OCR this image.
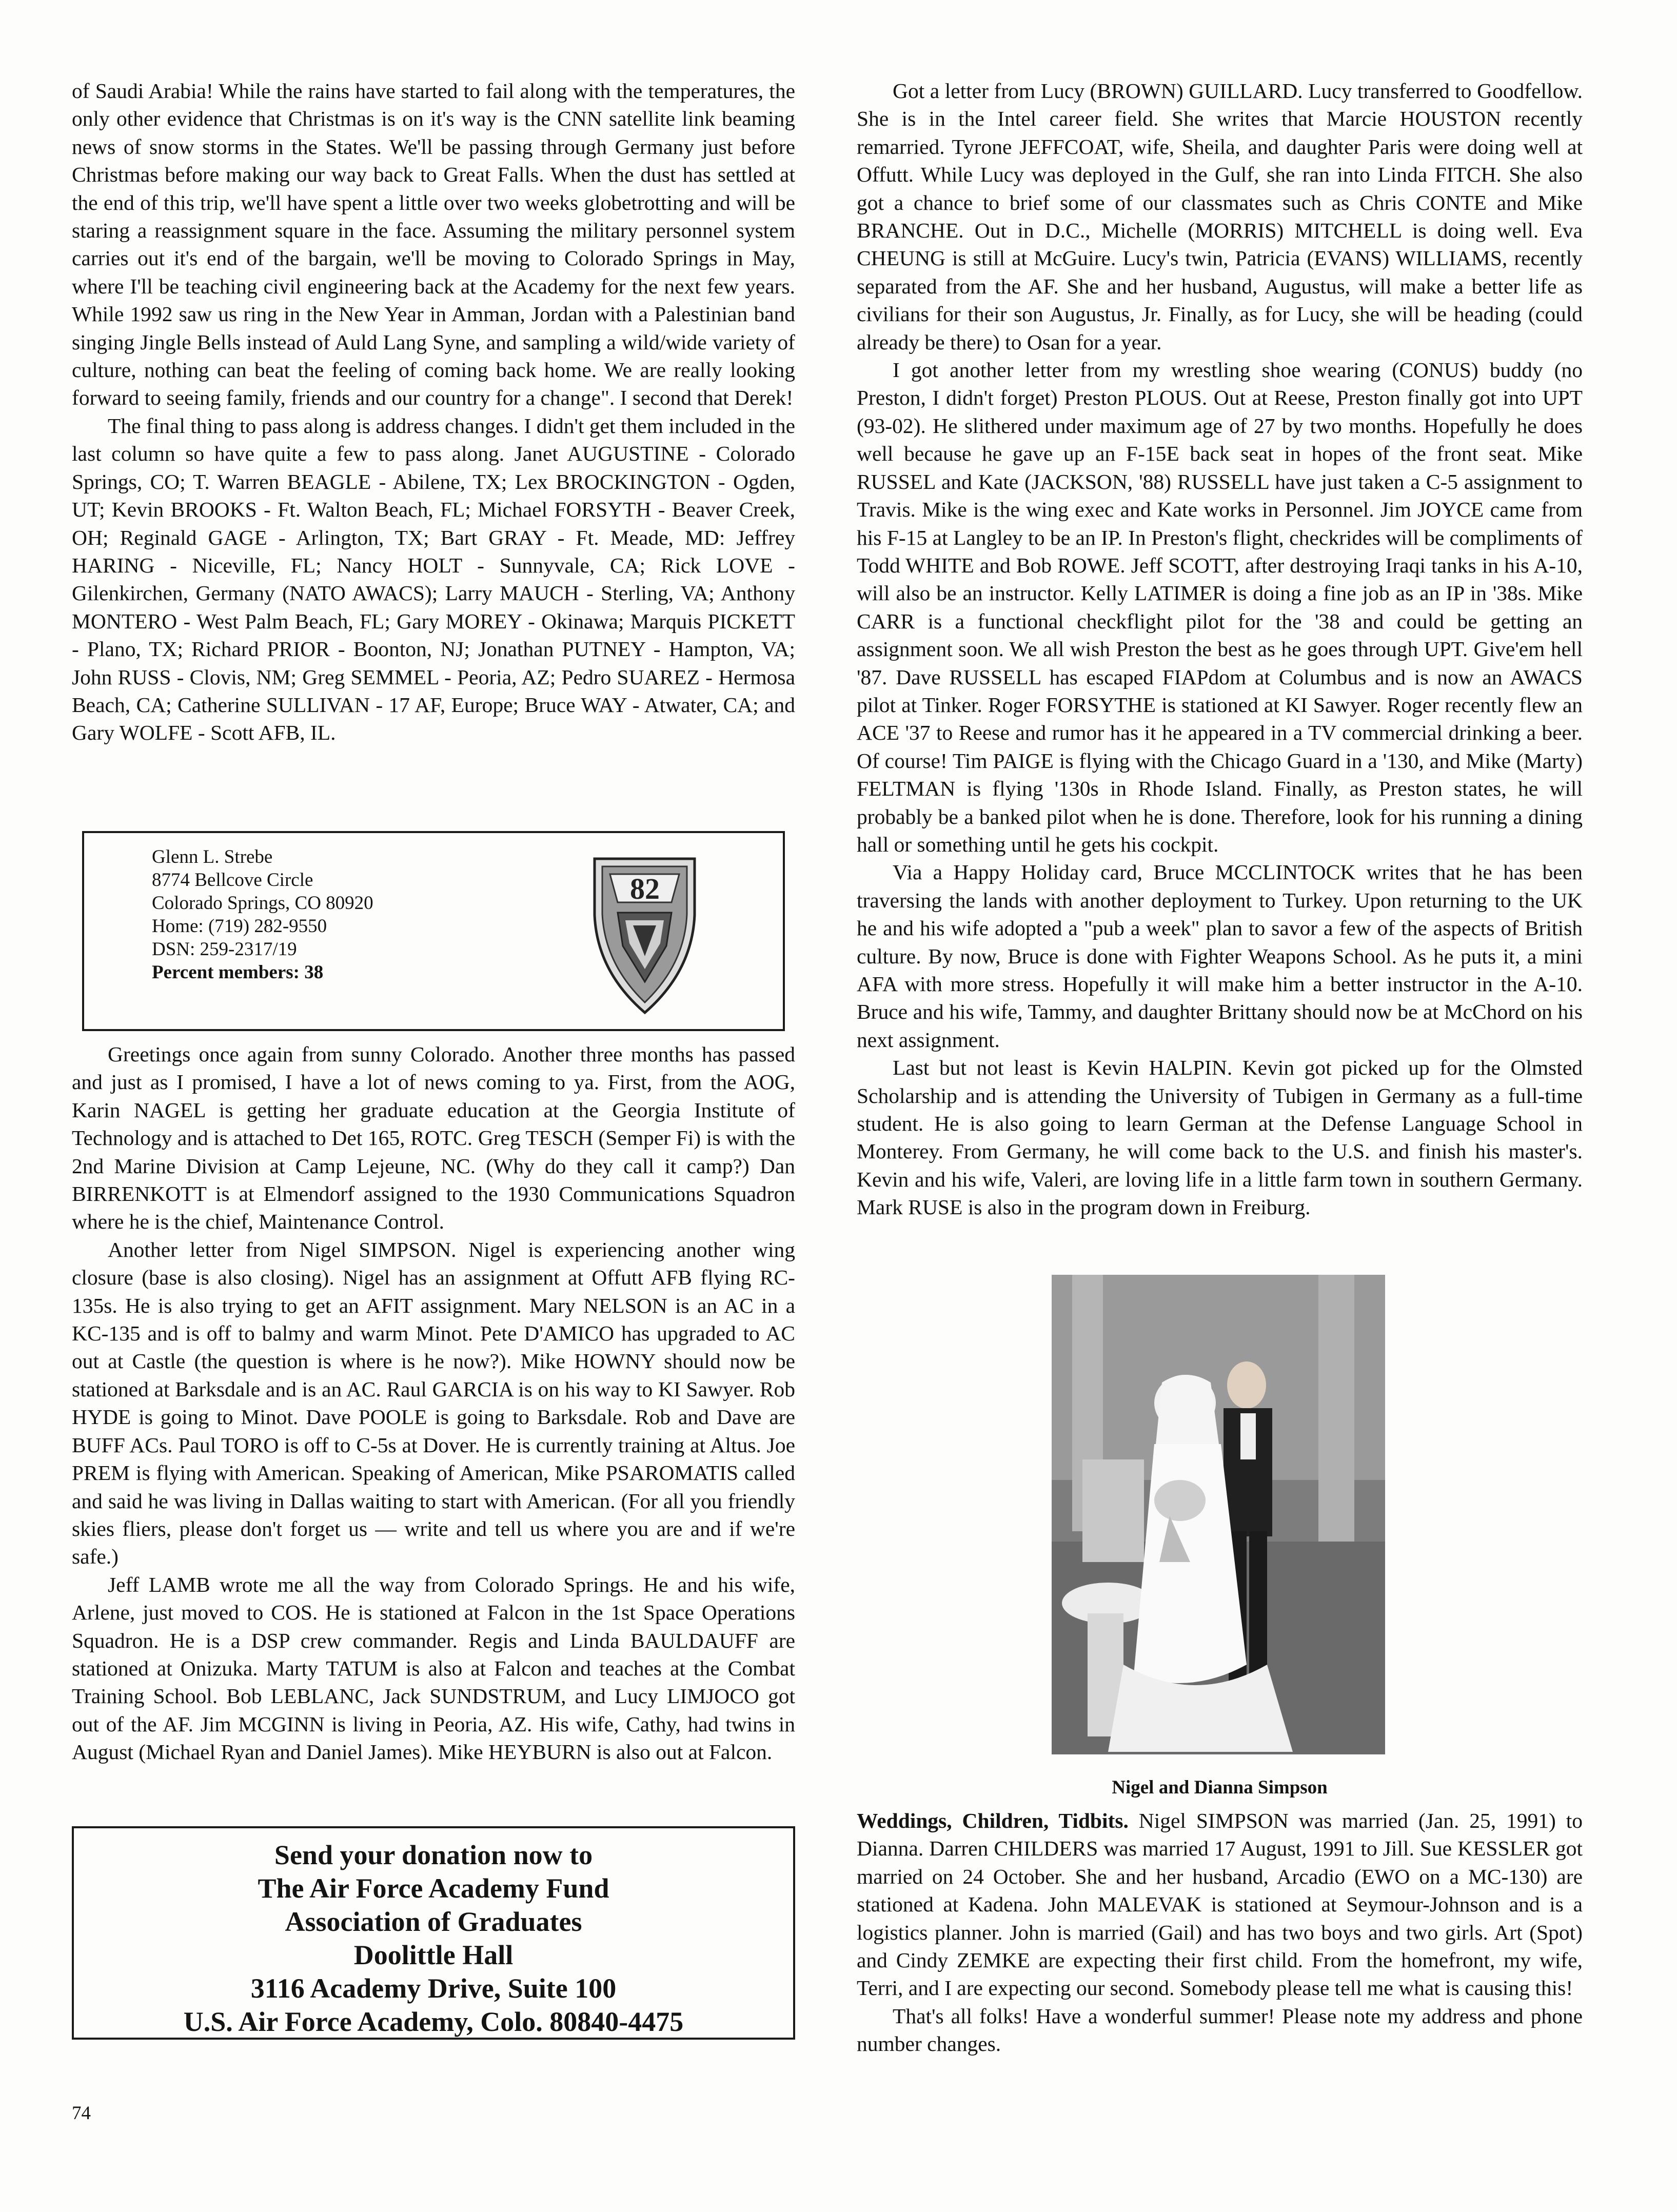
of Saudi Arabia! While the rains have started to fail along with the temperatures, the only other evidence that Christmas is on it's way is the CNN satellite link beaming news of snow storms in the States. We'll be passing through Germany just before Christmas before making our way back to Great Falls. When the dust has settled at the end of this trip, we'll have spent a little over two weeks globetrotting and will be staring a reassignment square in the face. Assuming the military personnel system carries out it's end of the bargain, we'll be moving to Colorado Springs in May, where I'll be teaching civil engineering back at the Academy for the next few years. While 1992 saw us ring in the New Year in Amman, Jordan with a Palestinian band singing Jingle Bells instead of Auld Lang Syne, and sampling a wild/wide variety of culture, nothing can beat the feeling of coming back home. We are really looking forward to seeing family, friends and our country for a change". I second that Derek!

The final thing to pass along is address changes. I didn't get them included in the last column so have quite a few to pass along. Janet AUGUSTINE - Colorado Springs, CO; T. Warren BEAGLE - Abilene, TX; Lex BROCKINGTON - Ogden, UT; Kevin BROOKS - Ft. Walton Beach, FL; Michael FORSYTH - Beaver Creek, OH; Reginald GAGE - Arlington, TX; Bart GRAY - Ft. Meade, MD: Jeffrey HARING - Niceville, FL; Nancy HOLT - Sunnyvale, CA; Rick LOVE - Gilenkirchen, Germany (NATO AWACS); Larry MAUCH - Sterling, VA; Anthony MONTERO - West Palm Beach, FL; Gary MOREY - Okinawa; Marquis PICKETT - Plano, TX; Richard PRIOR - Boonton, NJ; Jonathan PUTNEY - Hampton, VA; John RUSS - Clovis, NM; Greg SEMMEL - Peoria, AZ; Pedro SUAREZ - Hermosa Beach, CA; Catherine SULLIVAN - 17 AF, Europe; Bruce WAY - Atwater, CA; and Gary WOLFE - Scott AFB, IL.

Glenn L. Strebe
8774 Bellcove Circle
Colorado Springs, CO 80920
Home: (719) 282-9550
DSN: 259-2317/19
Percent members: 38
82

Greetings once again from sunny Colorado. Another three months has passed and just as I promised, I have a lot of news coming to ya. First, from the AOG, Karin NAGEL is getting her graduate education at the Georgia Institute of Technology and is attached to Det 165, ROTC. Greg TESCH (Semper Fi) is with the 2nd Marine Division at Camp Lejeune, NC. (Why do they call it camp?) Dan BIRRENKOTT is at Elmendorf assigned to the 1930 Communications Squadron where he is the chief, Maintenance Control.

Another letter from Nigel SIMPSON. Nigel is experiencing another wing closure (base is also closing). Nigel has an assignment at Offutt AFB flying RC-135s. He is also trying to get an AFIT assignment. Mary NELSON is an AC in a KC-135 and is off to balmy and warm Minot. Pete D'AMICO has upgraded to AC out at Castle (the question is where is he now?). Mike HOWNY should now be stationed at Barksdale and is an AC. Raul GARCIA is on his way to KI Sawyer. Rob HYDE is going to Minot. Dave POOLE is going to Barksdale. Rob and Dave are BUFF ACs. Paul TORO is off to C-5s at Dover. He is currently training at Altus. Joe PREM is flying with American. Speaking of American, Mike PSAROMATIS called and said he was living in Dallas waiting to start with American. (For all you friendly skies fliers, please don't forget us — write and tell us where you are and if we're safe.)

Jeff LAMB wrote me all the way from Colorado Springs. He and his wife, Arlene, just moved to COS. He is stationed at Falcon in the 1st Space Operations Squadron. He is a DSP crew commander. Regis and Linda BAULDAUFF are stationed at Onizuka. Marty TATUM is also at Falcon and teaches at the Combat Training School. Bob LEBLANC, Jack SUNDSTRUM, and Lucy LIMJOCO got out of the AF. Jim MCGINN is living in Peoria, AZ. His wife, Cathy, had twins in August (Michael Ryan and Daniel James). Mike HEYBURN is also out at Falcon.

Send your donation now to
The Air Force Academy Fund
Association of Graduates
Doolittle Hall
3116 Academy Drive, Suite 100
U.S. Air Force Academy, Colo. 80840-4475

Got a letter from Lucy (BROWN) GUILLARD. Lucy transferred to Goodfellow. She is in the Intel career field. She writes that Marcie HOUSTON recently remarried. Tyrone JEFFCOAT, wife, Sheila, and daughter Paris were doing well at Offutt. While Lucy was deployed in the Gulf, she ran into Linda FITCH. She also got a chance to brief some of our classmates such as Chris CONTE and Mike BRANCHE. Out in D.C., Michelle (MORRIS) MITCHELL is doing well. Eva CHEUNG is still at McGuire. Lucy's twin, Patricia (EVANS) WILLIAMS, recently separated from the AF. She and her husband, Augustus, will make a better life as civilians for their son Augustus, Jr. Finally, as for Lucy, she will be heading (could already be there) to Osan for a year.

I got another letter from my wrestling shoe wearing (CONUS) buddy (no Preston, I didn't forget) Preston PLOUS. Out at Reese, Preston finally got into UPT (93-02). He slithered under maximum age of 27 by two months. Hopefully he does well because he gave up an F-15E back seat in hopes of the front seat. Mike RUSSEL and Kate (JACKSON, '88) RUSSELL have just taken a C-5 assignment to Travis. Mike is the wing exec and Kate works in Personnel. Jim JOYCE came from his F-15 at Langley to be an IP. In Preston's flight, checkrides will be compliments of Todd WHITE and Bob ROWE. Jeff SCOTT, after destroying Iraqi tanks in his A-10, will also be an instructor. Kelly LATIMER is doing a fine job as an IP in '38s. Mike CARR is a functional checkflight pilot for the '38 and could be getting an assignment soon. We all wish Preston the best as he goes through UPT. Give'em hell '87. Dave RUSSELL has escaped FIAPdom at Columbus and is now an AWACS pilot at Tinker. Roger FORSYTHE is stationed at KI Sawyer. Roger recently flew an ACE '37 to Reese and rumor has it he appeared in a TV commercial drinking a beer. Of course! Tim PAIGE is flying with the Chicago Guard in a '130, and Mike (Marty) FELTMAN is flying '130s in Rhode Island. Finally, as Preston states, he will probably be a banked pilot when he is done. Therefore, look for his running a dining hall or something until he gets his cockpit.

Via a Happy Holiday card, Bruce MCCLINTOCK writes that he has been traversing the lands with another deployment to Turkey. Upon returning to the UK he and his wife adopted a "pub a week" plan to savor a few of the aspects of British culture. By now, Bruce is done with Fighter Weapons School. As he puts it, a mini AFA with more stress. Hopefully it will make him a better instructor in the A-10. Bruce and his wife, Tammy, and daughter Brittany should now be at McChord on his next assignment.

Last but not least is Kevin HALPIN. Kevin got picked up for the Olmsted Scholarship and is attending the University of Tubigen in Germany as a full-time student. He is also going to learn German at the Defense Language School in Monterey. From Germany, he will come back to the U.S. and finish his master's. Kevin and his wife, Valeri, are loving life in a little farm town in southern Germany. Mark RUSE is also in the program down in Freiburg.

Nigel and Dianna Simpson

Weddings, Children, Tidbits. Nigel SIMPSON was married (Jan. 25, 1991) to Dianna. Darren CHILDERS was married 17 August, 1991 to Jill. Sue KESSLER got married on 24 October. She and her husband, Arcadio (EWO on a MC-130) are stationed at Kadena. John MALEVAK is stationed at Seymour-Johnson and is a logistics planner. John is married (Gail) and has two boys and two girls. Art (Spot) and Cindy ZEMKE are expecting their first child. From the homefront, my wife, Terri, and I are expecting our second. Somebody please tell me what is causing this!

That's all folks! Have a wonderful summer! Please note my address and phone number changes.

74
